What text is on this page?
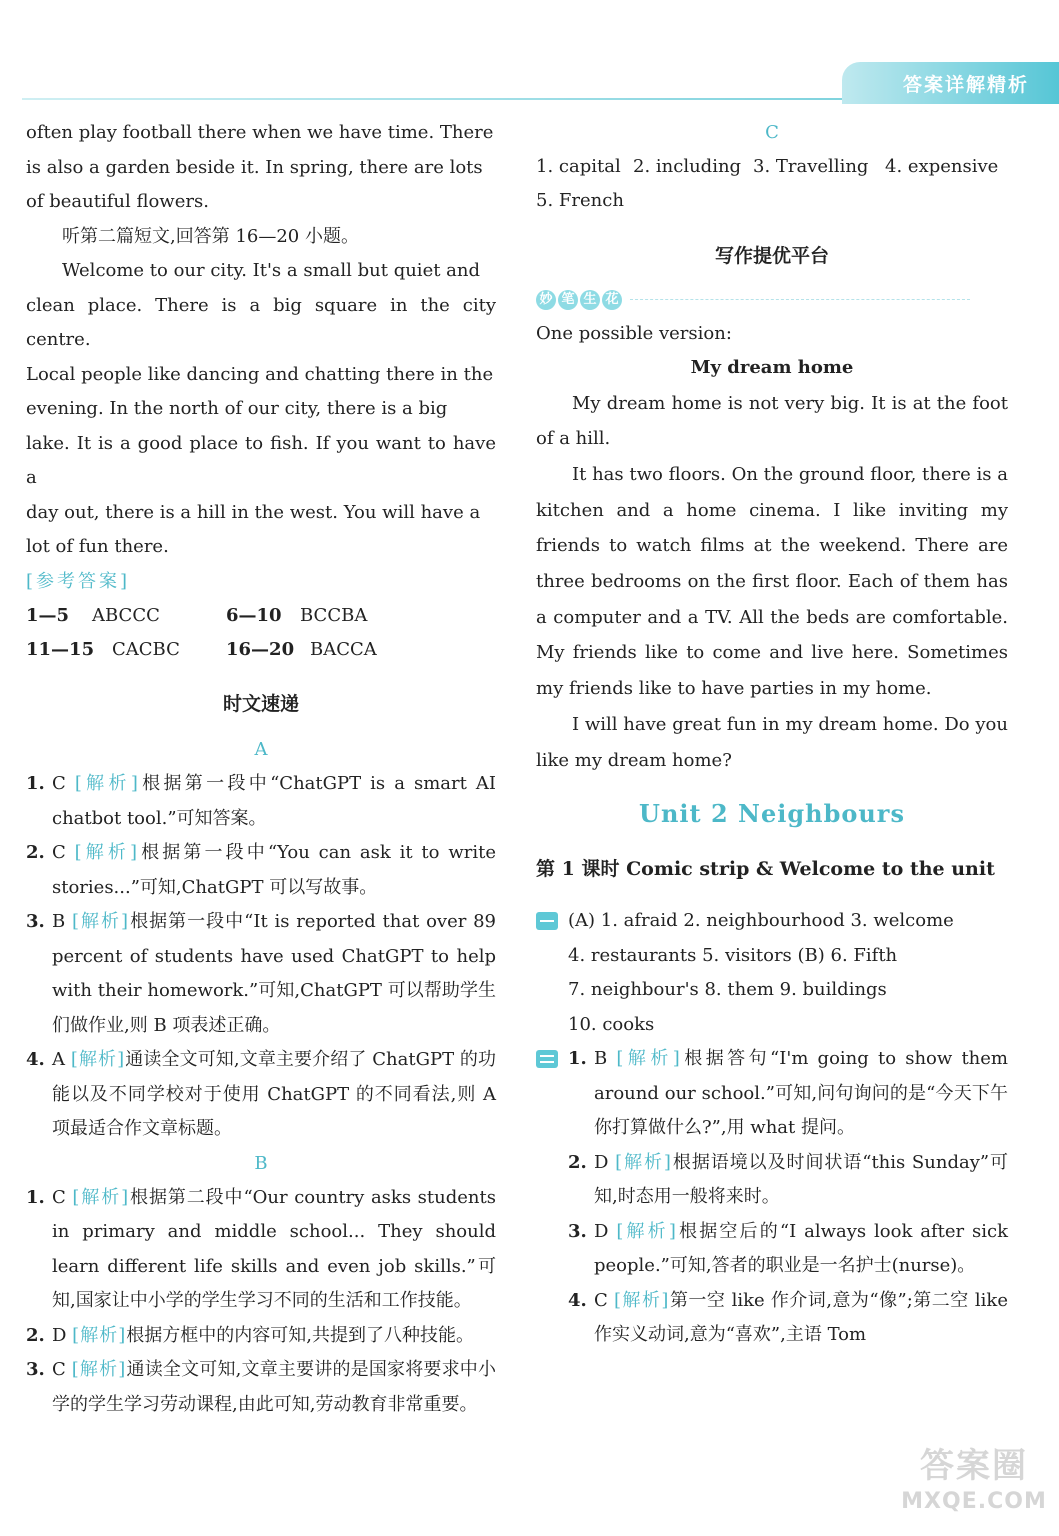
答案详解精析

often play football there when we have time. There

is also a garden beside it. In spring, there are lots

of beautiful flowers.

听第二篇短文,回答第 16—20 小题。

Welcome to our city. It's a small but quiet and

clean place. There is a big square in the city centre.

Local people like dancing and chatting there in the

evening. In the north of our city, there is a big

lake. It is a good place to fish. If you want to have a

day out, there is a hill in the west. You will have a

lot of fun there.

[参考答案]

1—5	ABCCC	6—10	BCCBA
11—15 CACBC	16—20 BACCA
时文速递
A
1. C [解析]根据第一段中“ChatGPT is a smart AI chatbot tool.”可知答案。
2. C [解析]根据第一段中“You can ask it to write stories...”可知,ChatGPT 可以写故事。
3. B [解析]根据第一段中“It is reported that over 89 percent of students have used ChatGPT to help with their homework.”可知,ChatGPT 可以帮助学生们做作业,则 B 项表述正确。
4. A [解析]通读全文可知,文章主要介绍了 ChatGPT 的功能以及不同学校对于使用 ChatGPT 的不同看法,则 A 项最适合作文章标题。
B
1. C [解析]根据第二段中“Our country asks students in primary and middle school... They should learn different life skills and even job skills.”可知,国家让中小学的学生学习不同的生活和工作技能。
2. D [解析]根据方框中的内容可知,共提到了八种技能。
3. C [解析]通读全文可知,文章主要讲的是国家将要求中小学的学生学习劳动课程,由此可知,劳动教育非常重要。
C
1. capital 2. including 3. Travelling 4. expensive

5. French

写作提优平台
妙 笔 生 花

One possible version:

My dream home

My dream home is not very big. It is at the foot of a hill.

It has two floors. On the ground floor, there is a kitchen and a home cinema. I like inviting my friends to watch films at the weekend. There are three bedrooms on the first floor. Each of them has a computer and a TV. All the beds are comfortable. My friends like to come and live here. Sometimes my friends like to have parties in my home.

I will have great fun in my dream home. Do you like my dream home?

Unit 2 Neighbours
第 1 课时 Comic strip & Welcome to the unit
(A) 1. afraid 2. neighbourhood 3. welcome
4. restaurants 5. visitors (B) 6. Fifth
7. neighbour's 8. them 9. buildings
10. cooks
1. B [解析]根据答句“I'm going to show them around our school.”可知,问句询问的是“今天下午你打算做什么?”,用 what 提问。
2. D [解析]根据语境以及时间状语“this Sunday”可知,时态用一般将来时。
3. D [解析]根据空后的“I always look after sick people.”可知,答者的职业是一名护士(nurse)。
4. C [解析]第一空 like 作介词,意为“像”;第二空 like 作实义动词,意为“喜欢”,主语 Tom
答案圈
MXQE.COM
